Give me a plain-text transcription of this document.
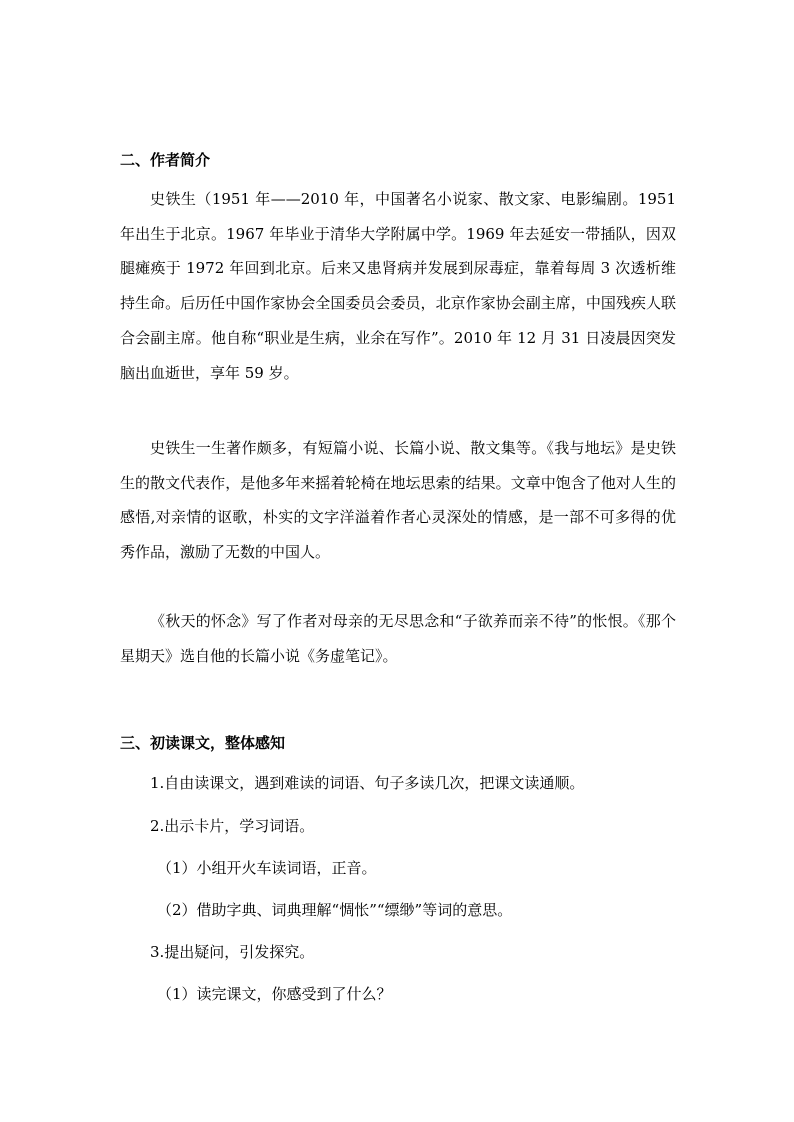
二、作者简介
史铁生（1951 年——2010 年，中国著名小说家、散文家、电影编剧。1951 年出生于北京。1967 年毕业于清华大学附属中学。1969 年去延安一带插队，因双腿瘫痪于 1972 年回到北京。后来又患肾病并发展到尿毒症，靠着每周 3 次透析维持生命。后历任中国作家协会全国委员会委员，北京作家协会副主席，中国残疾人联合会副主席。他自称“职业是生病，业余在写作”。2010 年 12 月 31 日凌晨因突发脑出血逝世，享年 59 岁。
史铁生一生著作颇多，有短篇小说、长篇小说、散文集等。《我与地坛》是史铁生的散文代表作，是他多年来摇着轮椅在地坛思索的结果。文章中饱含了他对人生的感悟,对亲情的讴歌，朴实的文字洋溢着作者心灵深处的情感，是一部不可多得的优秀作品，激励了无数的中国人。
《秋天的怀念》写了作者对母亲的无尽思念和“子欲养而亲不待”的怅恨。《那个星期天》选自他的长篇小说《务虚笔记》。
三、初读课文，整体感知
1.自由读课文，遇到难读的词语、句子多读几次，把课文读通顺。
2.出示卡片，学习词语。
（1）小组开火车读词语，正音。
（2）借助字典、词典理解“惆怅”“缥缈”等词的意思。
3.提出疑问，引发探究。
（1）读完课文，你感受到了什么？
